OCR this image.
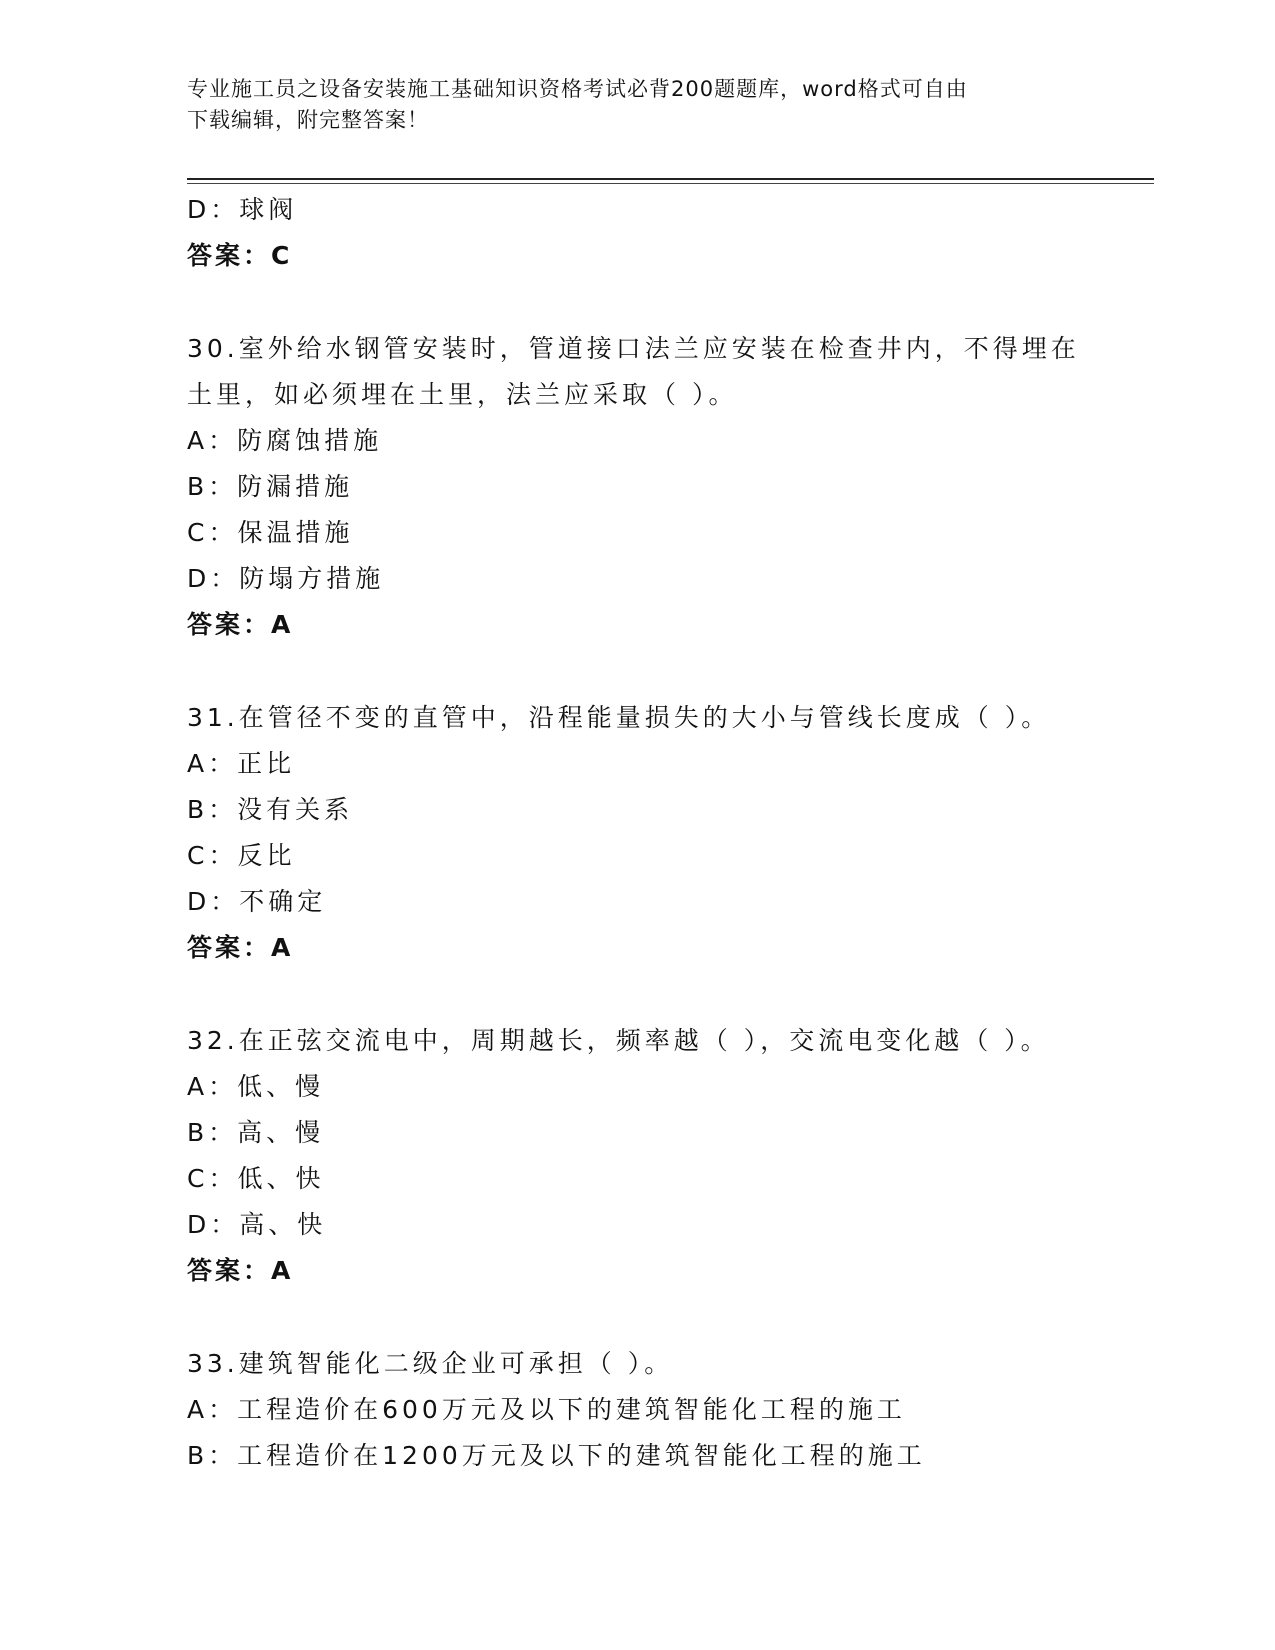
专业施工员之设备安装施工基础知识资格考试必背200题题库，word格式可自由
下载编辑，附完整答案！
D：球阀
答案：C
30.室外给水钢管安装时，管道接口法兰应安装在检查井内，不得埋在
土里，如必须埋在土里，法兰应采取（ ）。
A：防腐蚀措施
B：防漏措施
C：保温措施
D：防塌方措施
答案：A
31.在管径不变的直管中，沿程能量损失的大小与管线长度成（ ）。
A：正比
B：没有关系
C：反比
D：不确定
答案：A
32.在正弦交流电中，周期越长，频率越（ ），交流电变化越（ ）。
A：低、慢
B：高、慢
C：低、快
D：高、快
答案：A
33.建筑智能化二级企业可承担（ ）。
A：工程造价在600万元及以下的建筑智能化工程的施工
B：工程造价在1200万元及以下的建筑智能化工程的施工
